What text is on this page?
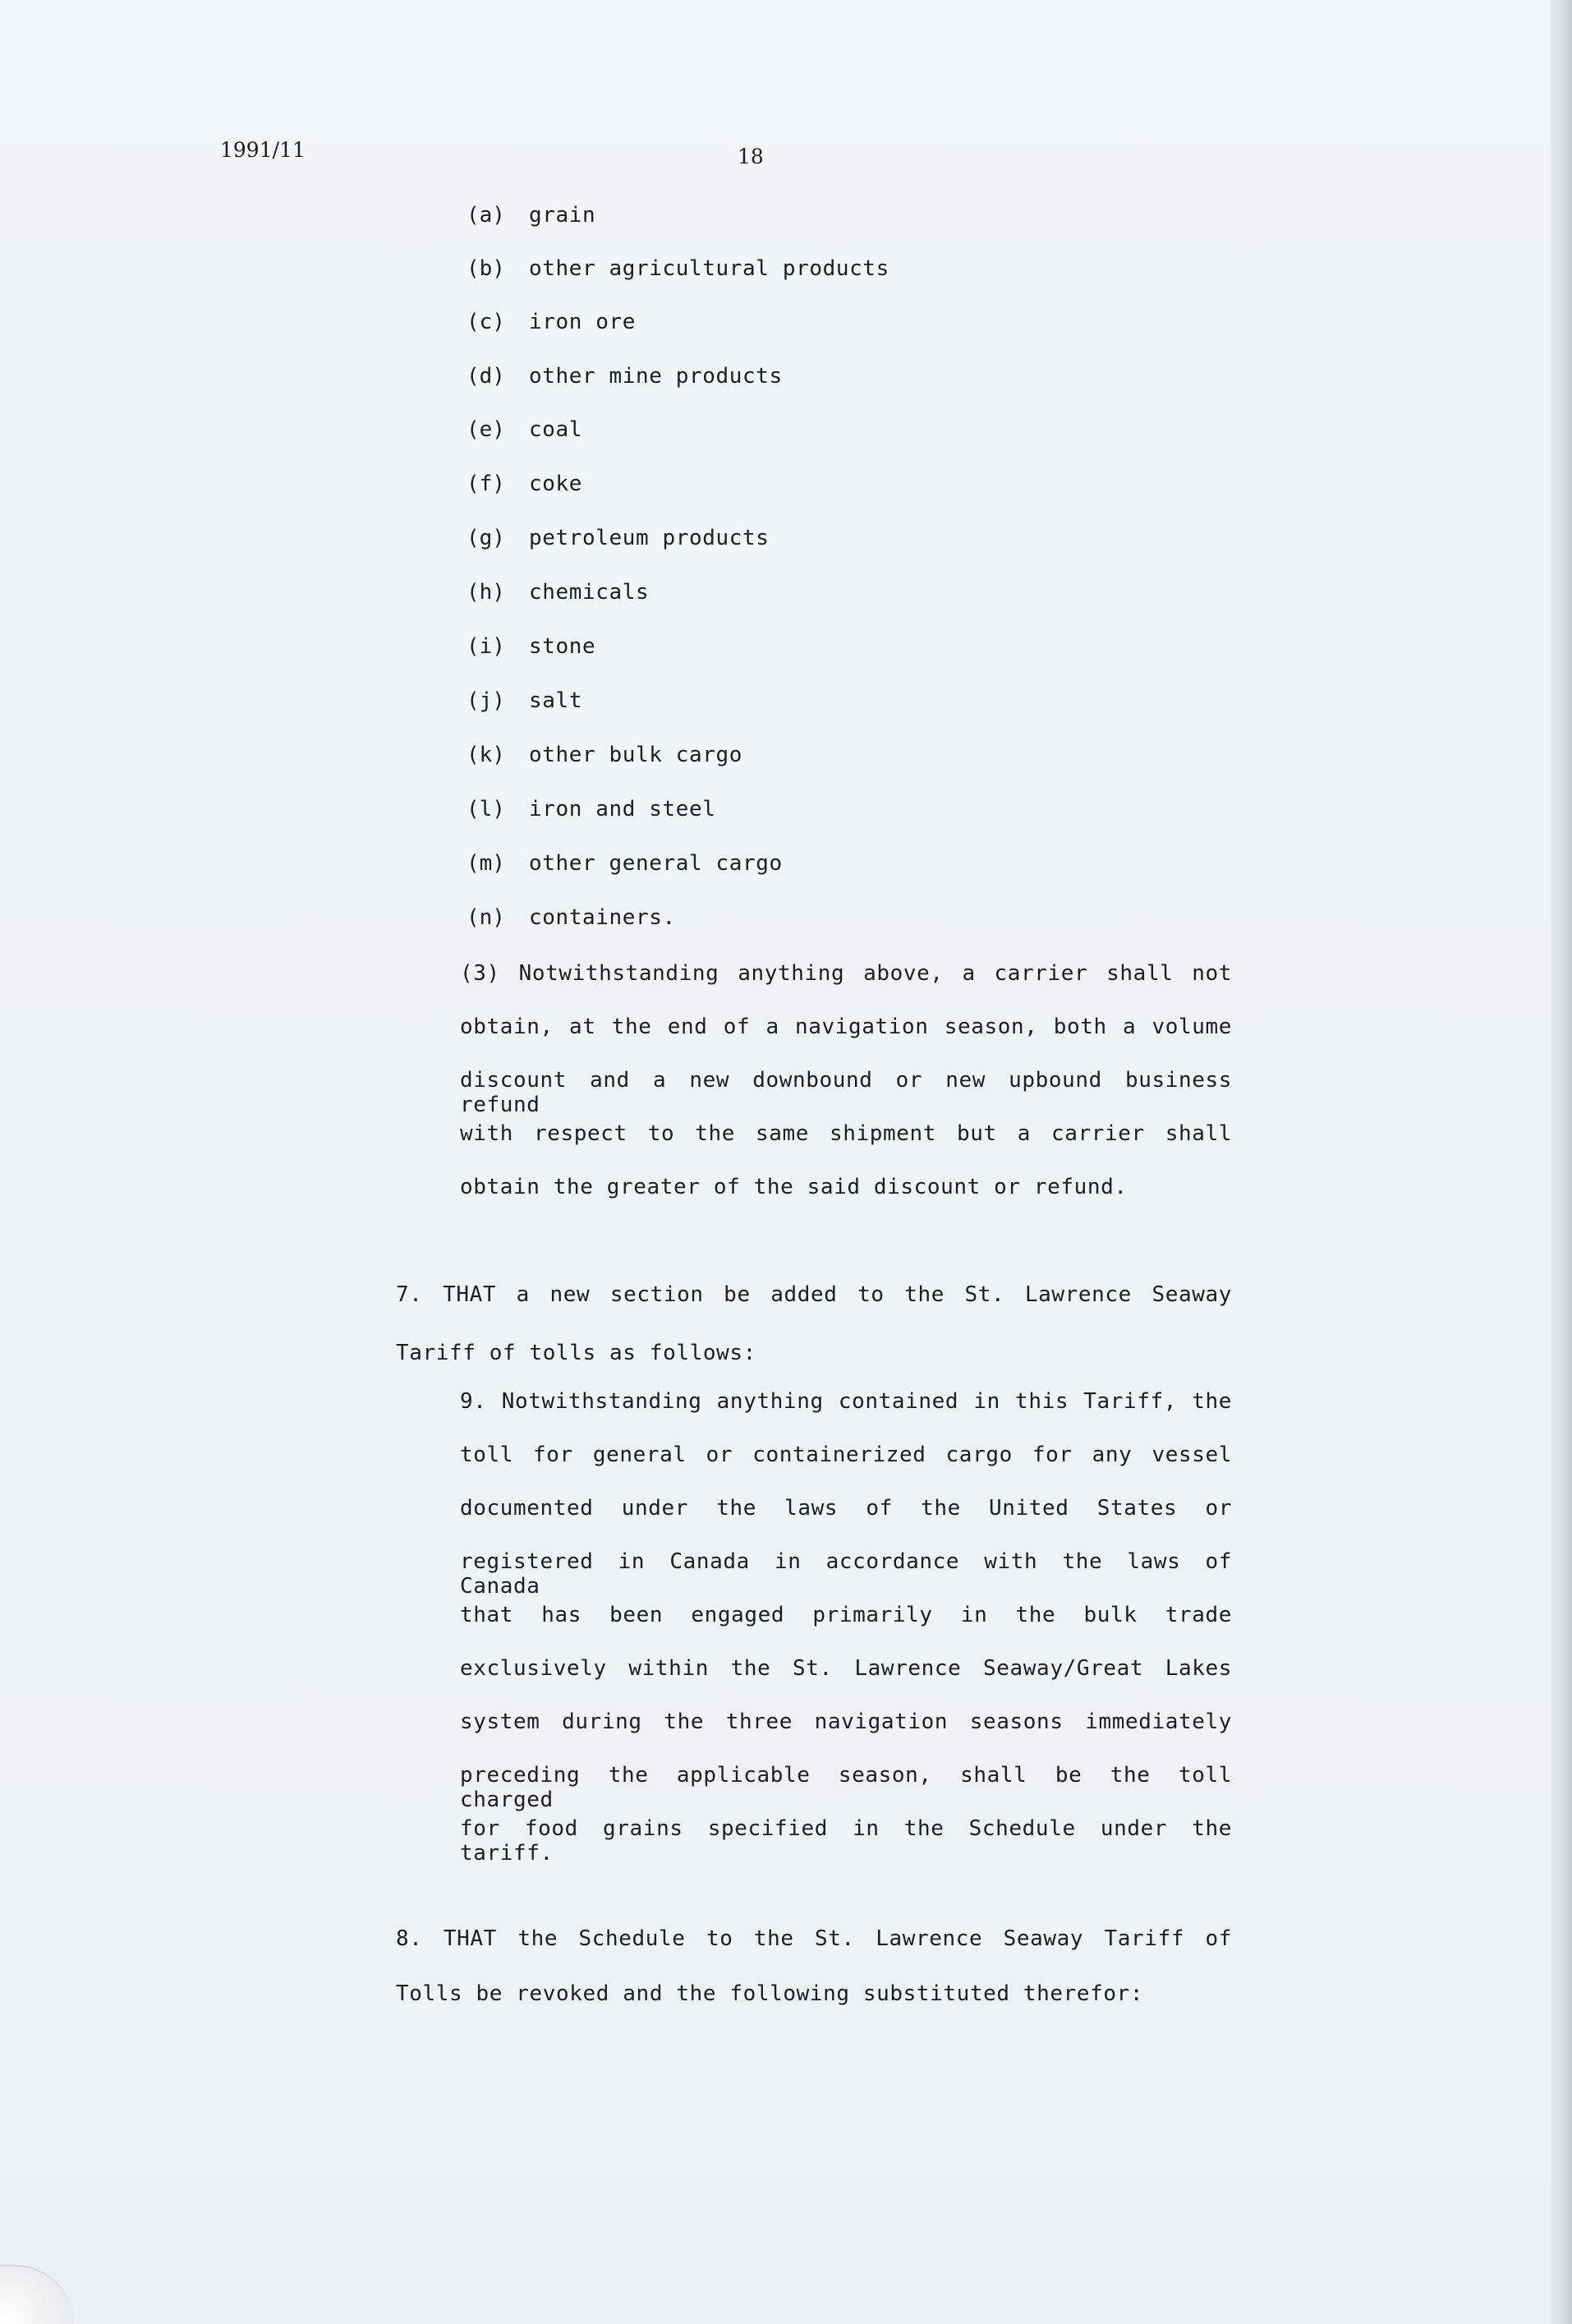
1991/11	18
(a) grain
(b) other agricultural products
(c) iron ore
(d) other mine products
(e) coal
(f) coke
(g) petroleum products
(h) chemicals
(i) stone
(j) salt
(k) other bulk cargo
(l) iron and steel
(m) other general cargo
(n) containers.
(3) Notwithstanding anything above, a carrier shall not
obtain, at the end of a navigation season, both a volume
discount and a new downbound or new upbound business refund
with respect to the same shipment but a carrier shall
obtain the greater of the said discount or refund.
7. THAT a new section be added to the St. Lawrence Seaway
Tariff of tolls as follows:
9. Notwithstanding anything contained in this Tariff, the
toll for general or containerized cargo for any vessel
documented under the laws of the United States or
registered in Canada in accordance with the laws of Canada
that has been engaged primarily in the bulk trade
exclusively within the St. Lawrence Seaway/Great Lakes
system during the three navigation seasons immediately
preceding the applicable season, shall be the toll charged
for food grains specified in the Schedule under the tariff.
8. THAT the Schedule to the St. Lawrence Seaway Tariff of
Tolls be revoked and the following substituted therefor:
